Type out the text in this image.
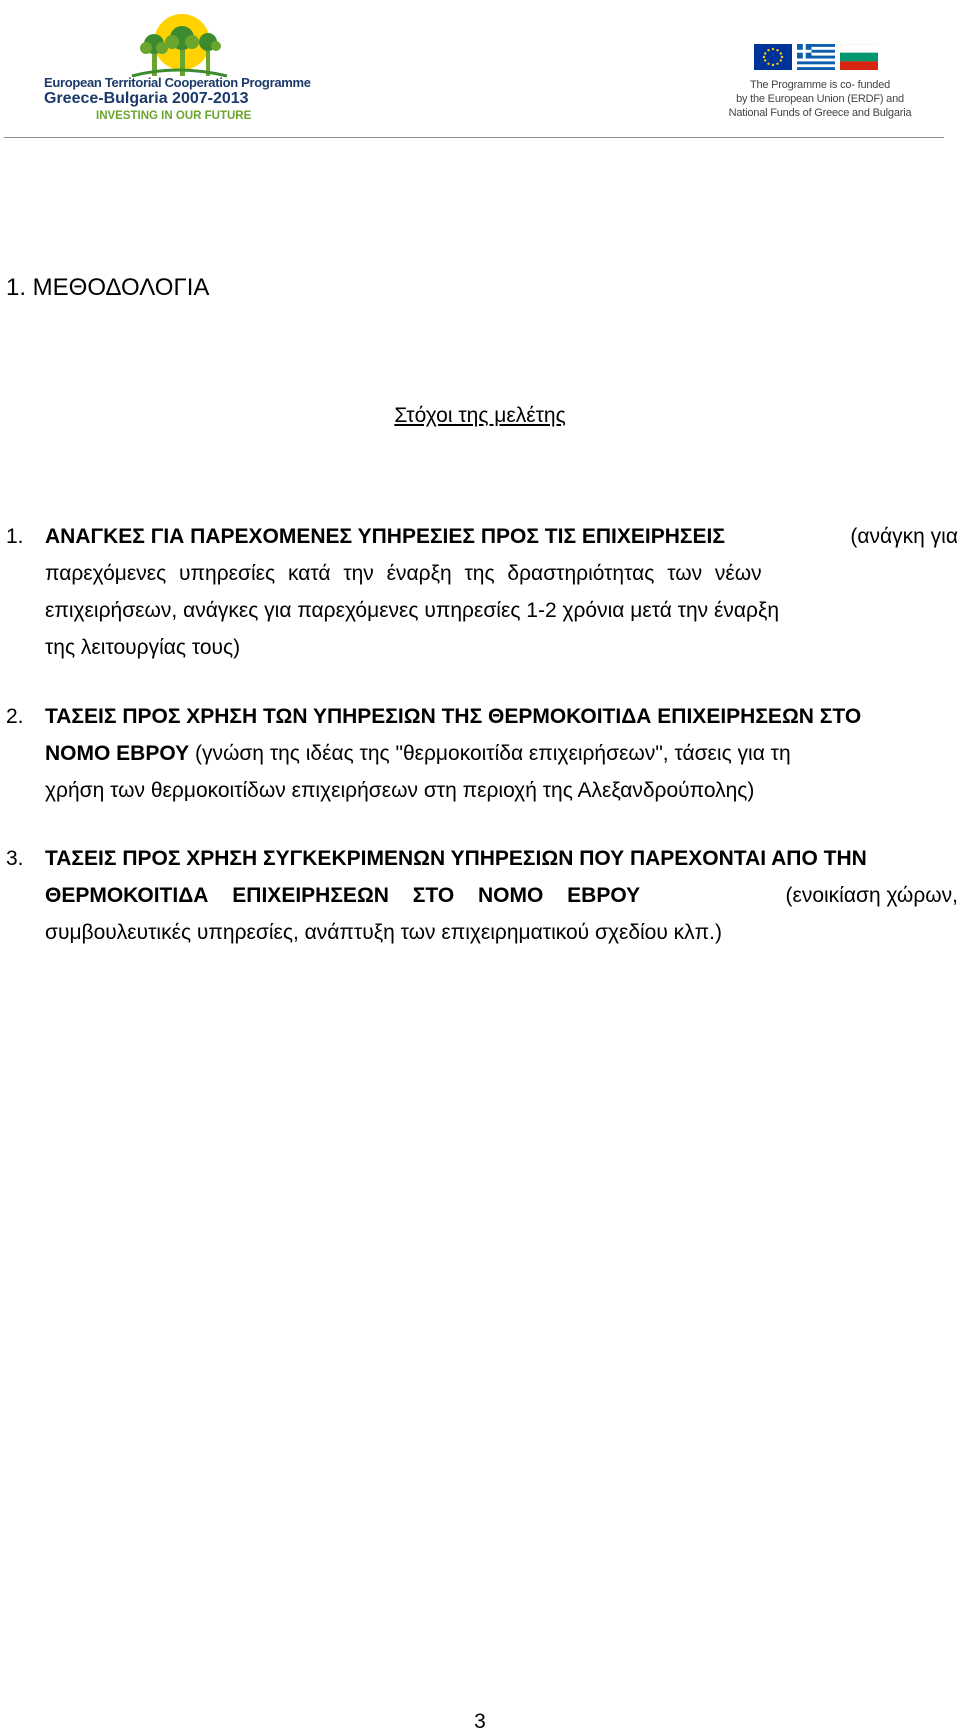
European Territorial Cooperation Programme
Greece-Bulgaria 2007-2013
INVESTING IN OUR FUTURE
The Programme is co- funded
by the European Union (ERDF) and
National Funds of Greece and Bulgaria
1. ΜΕΘΟΔΟΛΟΓΙΑ
Στόχοι της μελέτης
1. ΑΝΑΓΚΕΣ ΓΙΑ ΠΑΡΕΧΟΜΕΝΕΣ ΥΠΗΡΕΣΙΕΣ ΠΡΟΣ ΤΙΣ ΕΠΙΧΕΙΡΗΣΕΙΣ	(ανάγκη για
παρεχόμενες υπηρεσίες κατά την έναρξη της δραστηριότητας των νέων
επιχειρήσεων, ανάγκες για παρεχόμενες υπηρεσίες 1-2 χρόνια μετά την έναρξη
της λειτουργίας τους)
2. ΤΑΣΕΙΣ ΠΡΟΣ ΧΡΗΣΗ ΤΩΝ ΥΠΗΡΕΣΙΩΝ ΤΗΣ ΘΕΡΜΟΚΟΙΤΙΔΑ ΕΠΙΧΕΙΡΗΣΕΩΝ ΣΤΟ
ΝΟΜΟ ΕΒΡΟΥ
(γνώση της ιδέας της "θερμοκοιτίδα επιχειρήσεων", τάσεις για τη
χρήση των θερμοκοιτίδων επιχειρήσεων στη περιοχή της Αλεξανδρούπολης)
3. ΤΑΣΕΙΣ ΠΡΟΣ ΧΡΗΣΗ ΣΥΓΚΕΚΡΙΜΕΝΩΝ ΥΠΗΡΕΣΙΩΝ ΠΟΥ ΠΑΡΕΧΟΝΤΑΙ ΑΠΟ ΤΗΝ
ΘΕΡΜΟΚΟΙΤΙΔΑ ΕΠΙΧΕΙΡΗΣΕΩΝ ΣΤΟ ΝΟΜΟ ΕΒΡΟΥ	(ενοικίαση χώρων,
συμβουλευτικές υπηρεσίες, ανάπτυξη των επιχειρηματικού σχεδίου κλπ.)
3
